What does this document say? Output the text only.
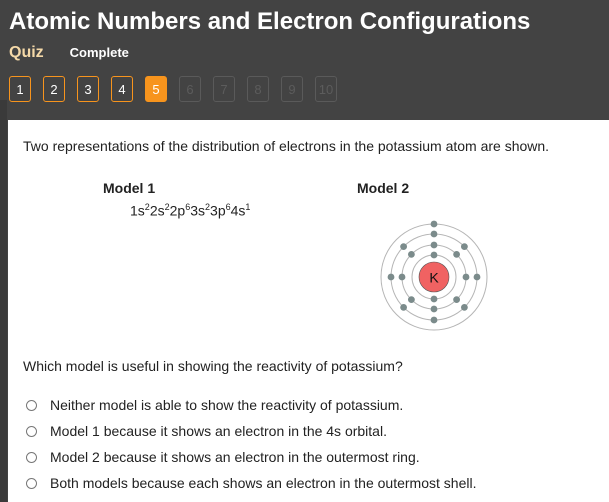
Atomic Numbers and Electron Configurations
Quiz Complete
1	2	3	4	5	6	7	8	9	10
Two representations of the distribution of electrons in the potassium atom are shown.
Model 1	Model 2
$1s^22s^22p^63s^23p^64s^1$
K
Which model is useful in showing the reactivity of potassium?
Neither model is able to show the reactivity of potassium.
Model 1 because it shows an electron in the 4s orbital.
Model 2 because it shows an electron in the outermost ring.
Both models because each shows an electron in the outermost shell.
